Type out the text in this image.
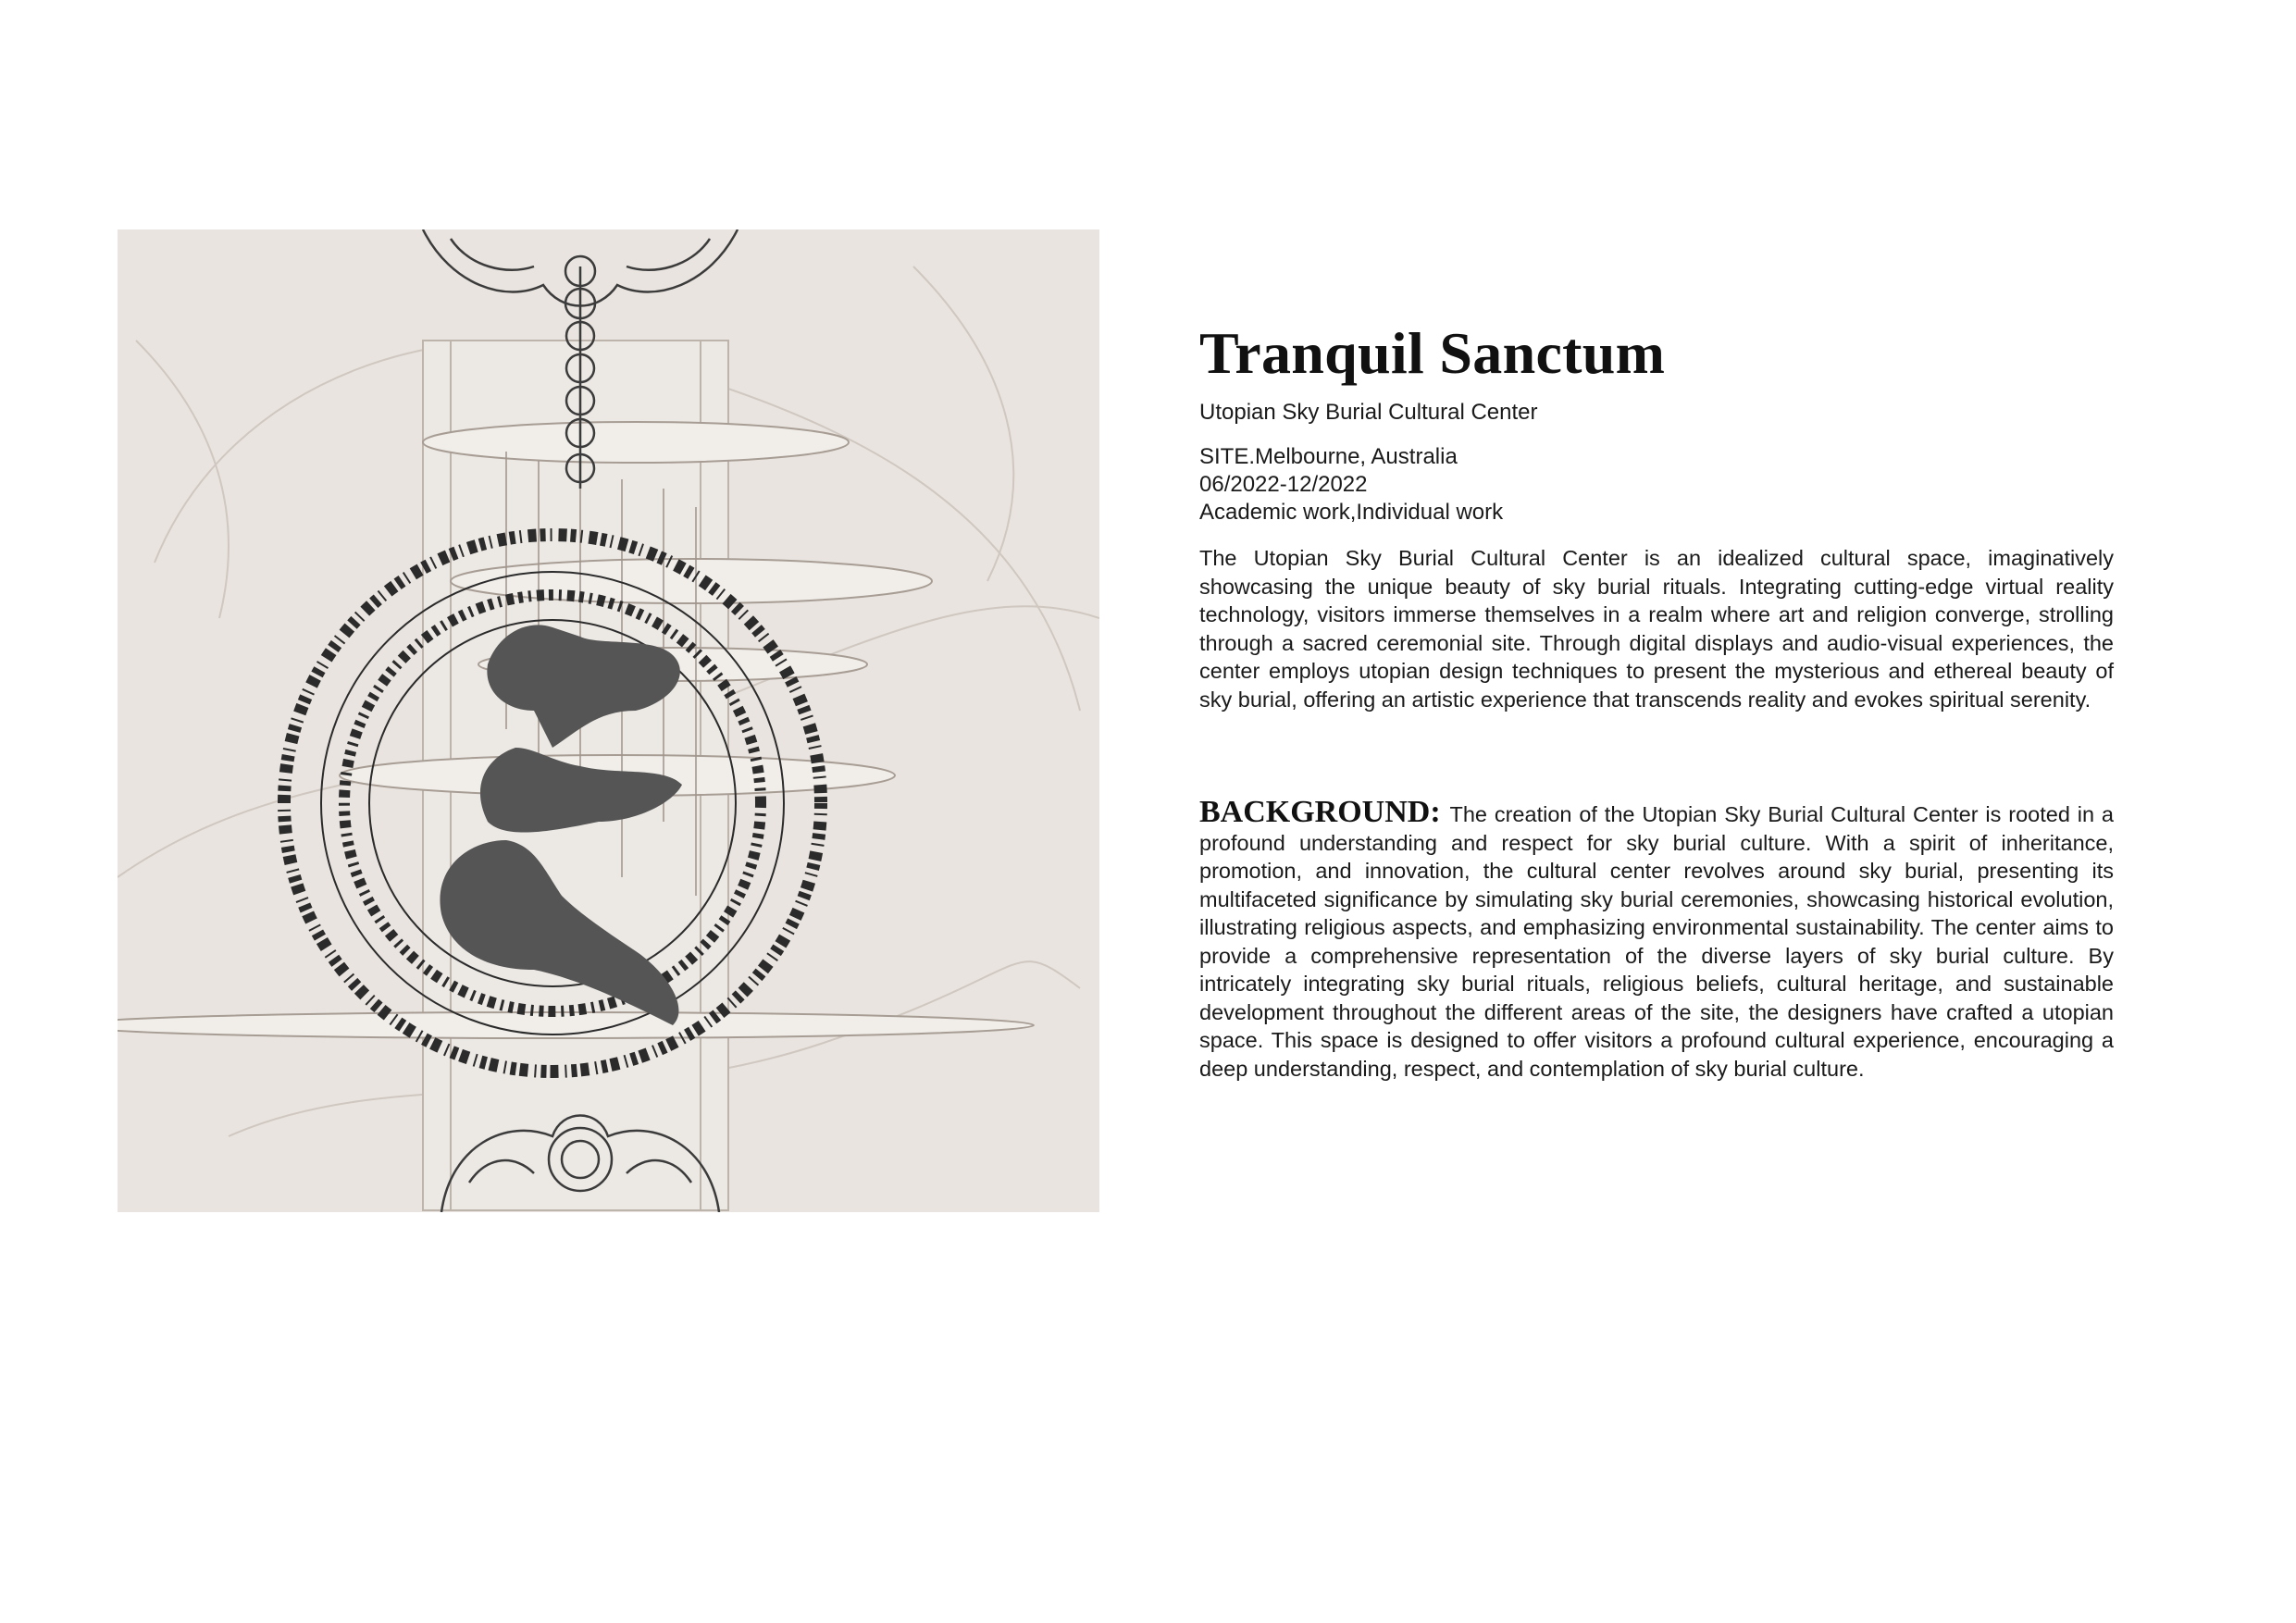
Tranquil Sanctum

Utopian Sky Burial Cultural Center

SITE.Melbourne, Australia
06/2022-12/2022
Academic work,Individual work

The Utopian Sky Burial Cultural Center is an idealized cultural space, imaginatively showcasing the unique beauty of sky burial rituals. Integrating cutting-edge virtual reality technology, visitors immerse themselves in a realm where art and religion converge, strolling through a sacred ceremonial site. Through digital displays and audio-visual experiences, the center employs utopian design techniques to present the mysterious and ethereal beauty of sky burial, offering an artistic experience that transcends reality and evokes spiritual serenity.

BACKGROUND: The creation of the Utopian Sky Burial Cultural Center is rooted in a profound understanding and respect for sky burial culture. With a spirit of inheritance, promotion, and innovation, the cultural center revolves around sky burial, presenting its multifaceted significance by simulating sky burial ceremonies, showcasing historical evolution, illustrating religious aspects, and emphasizing environmental sustainability. The center aims to provide a comprehensive representation of the diverse layers of sky burial culture. By intricately integrating sky burial rituals, religious beliefs, cultural heritage, and sustainable development throughout the different areas of the site, the designers have crafted a utopian space. This space is designed to offer visitors a profound cultural experience, encouraging a deep understanding, respect, and contemplation of sky burial culture.
